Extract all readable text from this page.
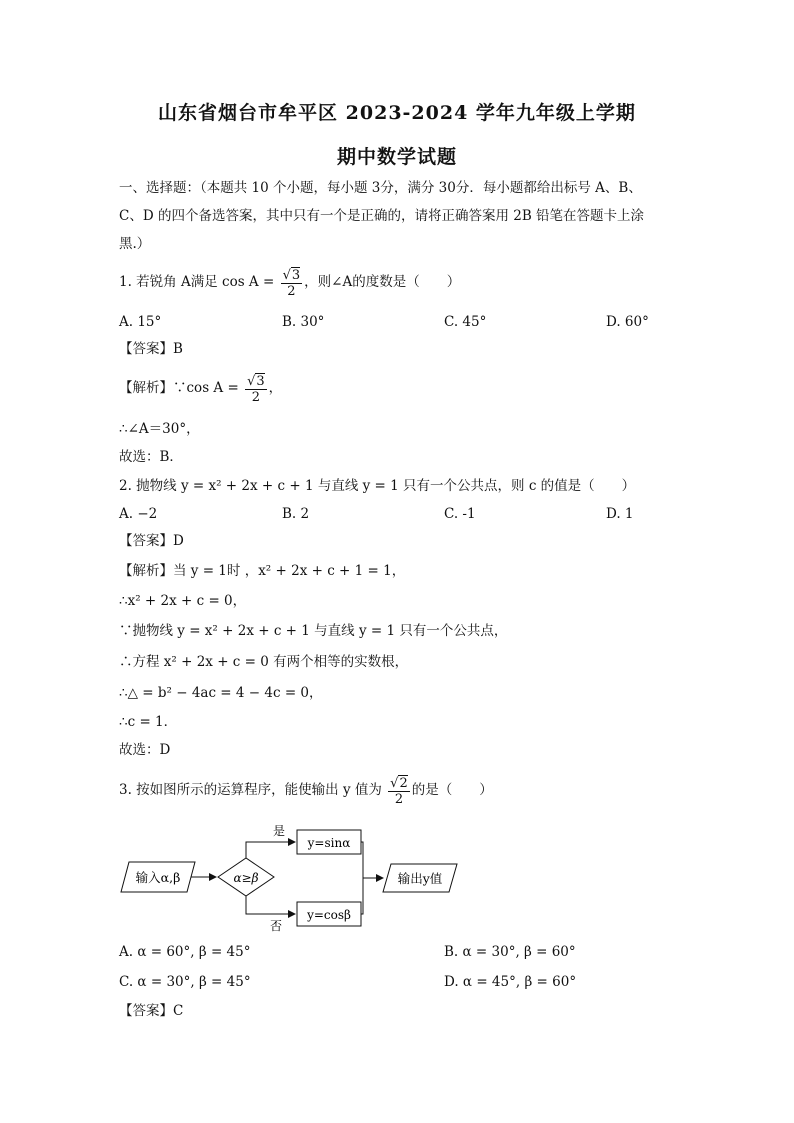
山东省烟台市牟平区 2023-2024 学年九年级上学期
期中数学试题
一、选择题：（本题共 10 个小题，每小题 3分，满分 30分．每小题都给出标号 A、B、
C、D 的四个备选答案，其中只有一个是正确的，请将正确答案用 2B 铅笔在答题卡上涂
黑.）
1. 若锐角 A满足 $\cos A = \frac{√3}{2}$ ，则∠A的度数是（　　）
A. 15°	B. 30°	C. 45°	D. 60°
【答案】B
【解析】∵cos $A = \frac{√3}{2}$ ，
∴∠A＝30°，
故选：B．
2. 抛物线 y = x² + 2x + c + 1 与直线 y = 1 只有一个公共点，则 c 的值是（　　）
A. −2	B. 2	C. -1	D. 1
【答案】D
【解析】当 y = 1时 ，x² + 2x + c + 1 = 1，
∴x² + 2x + c = 0，
∵抛物线 y = x² + 2x + c + 1 与直线 y = 1 只有一个公共点，
∴方程 x² + 2x + c = 0 有两个相等的实数根，
∴△ = b² − 4ac = 4 − 4c = 0，
∴c = 1．
故选：D
3. 按如图所示的运算程序，能使输出 y 值为 $\frac{√2}{2}$ 的是（　　）
输入α,β	α≥β
是
y=sinα
否
y=cosβ
输出y值
A. α = 60°, β = 45°	B. α = 30°, β = 60°
C. α = 30°, β = 45°	D. α = 45°, β = 60°
【答案】C
